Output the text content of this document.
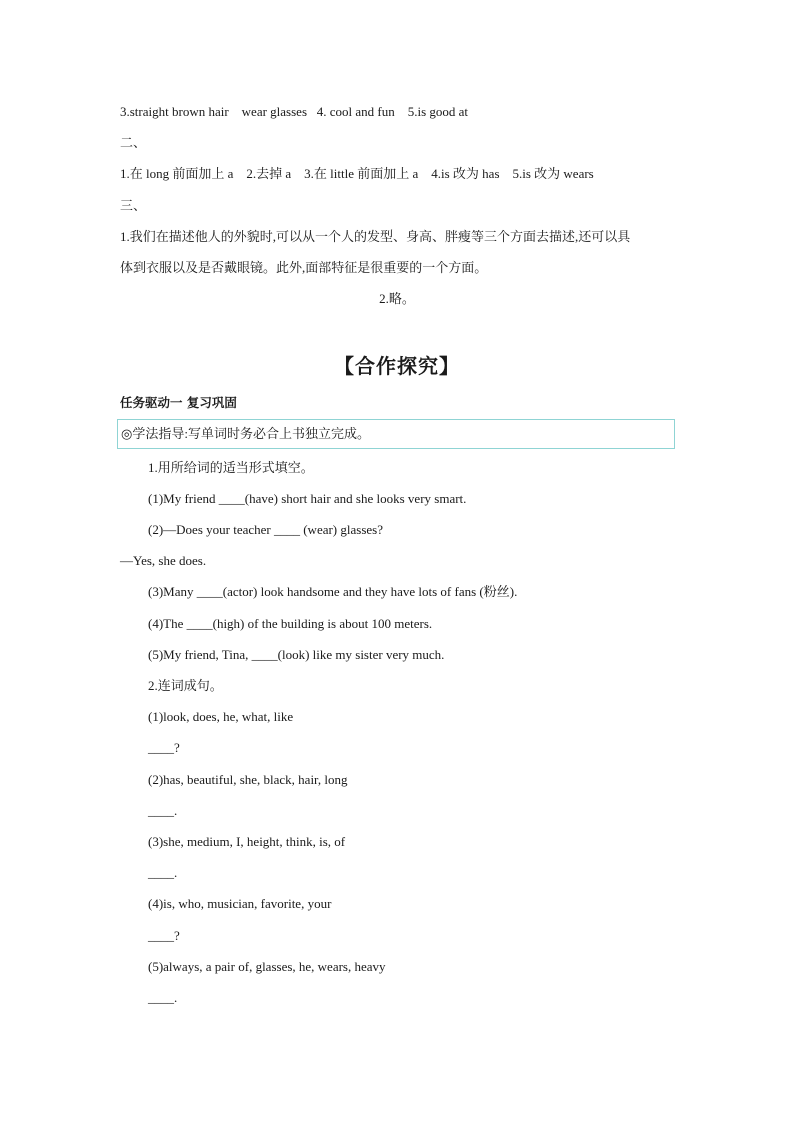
3.straight brown hair    wear glasses   4. cool and fun    5.is good at
二、
1.在 long 前面加上 a    2.去掉 a    3.在 little 前面加上 a    4.is 改为 has    5.is 改为 wears
三、
1.我们在描述他人的外貌时,可以从一个人的发型、身高、胖瘦等三个方面去描述,还可以具
体到衣服以及是否戴眼镜。此外,面部特征是很重要的一个方面。
2.略。
【合作探究】
任务驱动一 复习巩固
◎学法指导:写单词时务必合上书独立完成。
1.用所给词的适当形式填空。
(1)My friend ____(have) short hair and she looks very smart.
(2)—Does your teacher ____ (wear) glasses?
—Yes, she does.
(3)Many ____(actor) look handsome and they have lots of fans (粉丝).
(4)The ____(high) of the building is about 100 meters.
(5)My friend, Tina, ____(look) like my sister very much.
2.连词成句。
(1)look, does, he, what, like
____?
(2)has, beautiful, she, black, hair, long
____.
(3)she, medium, I, height, think, is, of
____.
(4)is, who, musician, favorite, your
____?
(5)always, a pair of, glasses, he, wears, heavy
____.
